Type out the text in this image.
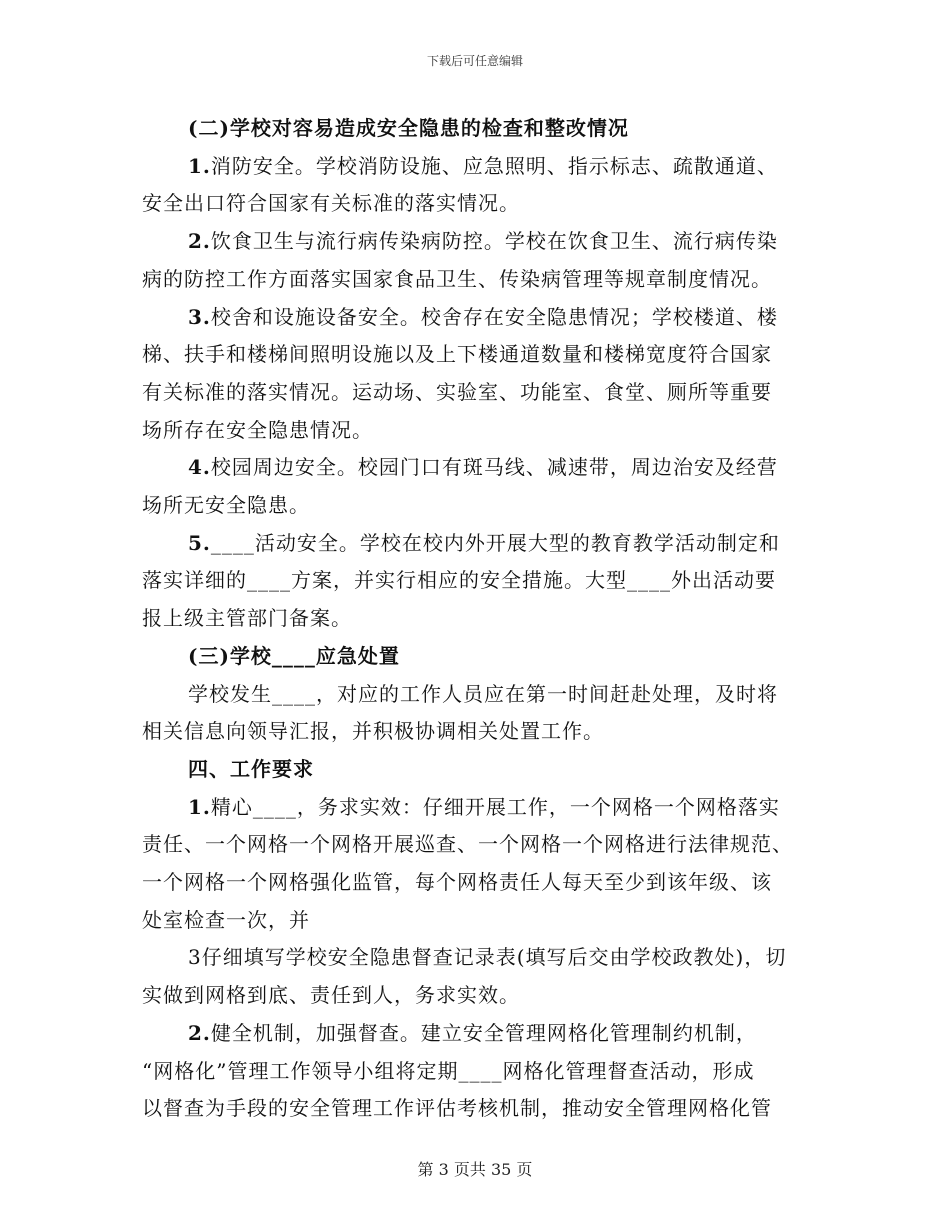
下载后可任意编辑
(二)学校对容易造成安全隐患的检查和整改情况
1.消防安全。学校消防设施、应急照明、指示标志、疏散通道、
安全出口符合国家有关标准的落实情况。
2.饮食卫生与流行病传染病防控。学校在饮食卫生、流行病传染
病的防控工作方面落实国家食品卫生、传染病管理等规章制度情况。
3.校舍和设施设备安全。校舍存在安全隐患情况；学校楼道、楼
梯、扶手和楼梯间照明设施以及上下楼通道数量和楼梯宽度符合国家
有关标准的落实情况。运动场、实验室、功能室、食堂、厕所等重要
场所存在安全隐患情况。
4.校园周边安全。校园门口有斑马线、减速带，周边治安及经营
场所无安全隐患。
5.____活动安全。学校在校内外开展大型的教育教学活动制定和
落实详细的____方案，并实行相应的安全措施。大型____外出活动要
报上级主管部门备案。
(三)学校____应急处置
学校发生____，对应的工作人员应在第一时间赶赴处理，及时将
相关信息向领导汇报，并积极协调相关处置工作。
四、工作要求
1.精心____，务求实效：仔细开展工作，一个网格一个网格落实
责任、一个网格一个网格开展巡查、一个网格一个网格进行法律规范、
一个网格一个网格强化监管，每个网格责任人每天至少到该年级、该
处室检查一次，并
3仔细填写学校安全隐患督查记录表(填写后交由学校政教处)，切
实做到网格到底、责任到人，务求实效。
2.健全机制，加强督查。建立安全管理网格化管理制约机制，
“网格化”管理工作领导小组将定期____网格化管理督查活动，形成
以督查为手段的安全管理工作评估考核机制，推动安全管理网格化管
第 3 页共 35 页
